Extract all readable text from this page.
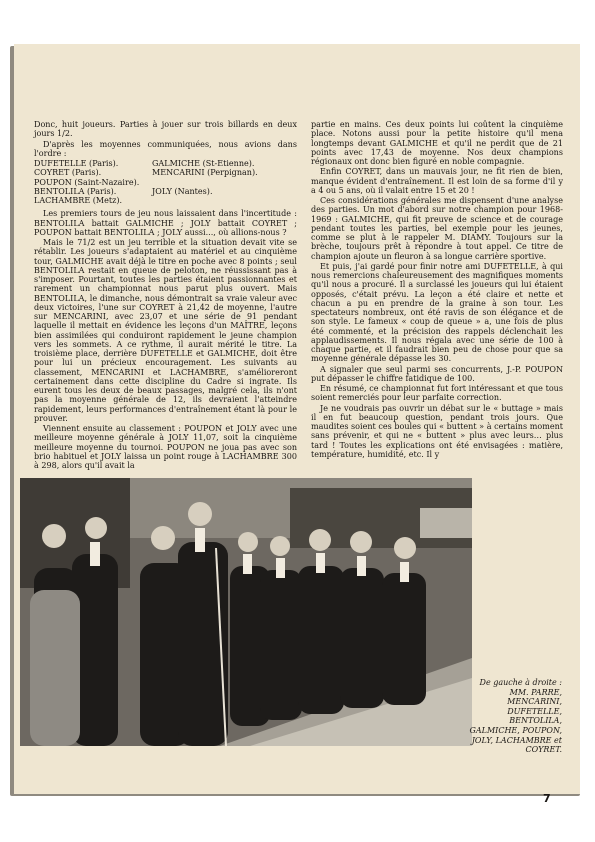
Donc, huit joueurs. Parties à jouer sur trois billards en deux jours 1/2.

D'après les moyennes communiquées, nous avions dans l'ordre :

DUFETELLE (Paris).	GALMICHE (St-Etienne).
COYRET (Paris).	MENCARINI (Perpignan).
POUPON (Saint-Nazaire).
BENTOLILA (Paris).	JOLY (Nantes).
LACHAMBRE (Metz).

Les premiers tours de jeu nous laissaient dans l'incertitude : BENTOLILA battait GALMICHE ; JOLY battait COYRET ; POUPON battait BENTOLILA ; JOLY aussi..., où allions-nous ?

Mais le 71/2 est un jeu terrible et la situation devait vite se rétablir. Les joueurs s'adaptaient au matériel et au cinquième tour, GALMICHE avait déjà le titre en poche avec 8 points ; seul BENTOLILA restait en queue de peloton, ne réussissant pas à s'imposer. Pourtant, toutes les parties étaient passionnantes et rarement un championnat nous parut plus ouvert. Mais BENTOLILA, le dimanche, nous démontrait sa vraie valeur avec deux victoires, l'une sur COYRET à 21,42 de moyenne, l'autre sur MENCARINI, avec 23,07 et une série de 91 pendant laquelle il mettait en évidence les leçons d'un MAÎTRE, leçons bien assimilées qui conduiront rapidement le jeune champion vers les sommets. A ce rythme, il aurait mérité le titre. La troisième place, derrière DUFETELLE et GALMICHE, doit être pour lui un précieux encouragement. Les suivants au classement, MENCARINI et LACHAMBRE, s'amélioreront certainement dans cette discipline du Cadre si ingrate. Ils eurent tous les deux de beaux passages, malgré cela, ils n'ont pas la moyenne générale de 12, ils devraient l'atteindre rapidement, leurs performances d'entraînement étant là pour le prouver.

Viennent ensuite au classement : POUPON et JOLY avec une meilleure moyenne générale à JOLY 11,07, soit la cinquième meilleure moyenne du tournoi. POUPON ne joua pas avec son brio habituel et JOLY laissa un point rouge à LACHAMBRE 300 à 298, alors qu'il avait la

partie en mains. Ces deux points lui coûtent la cinquième place. Notons aussi pour la petite histoire qu'il mena longtemps devant GALMICHE et qu'il ne perdit que de 21 points avec 17,43 de moyenne. Nos deux champions régionaux ont donc bien figuré en noble compagnie.

Enfin COYRET, dans un mauvais jour, ne fit rien de bien, manque évident d'entraînement. Il est loin de sa forme d'il y a 4 ou 5 ans, où il valait entre 15 et 20 !

Ces considérations générales me dispensent d'une analyse des parties. Un mot d'abord sur notre champion pour 1968-1969 : GALMICHE, qui fit preuve de science et de courage pendant toutes les parties, bel exemple pour les jeunes, comme se plut à le rappeler M. DIAMY. Toujours sur la brèche, toujours prêt à répondre à tout appel. Ce titre de champion ajoute un fleuron à sa longue carrière sportive.

Et puis, j'ai gardé pour finir notre ami DUFETELLE, à qui nous remercions chaleureusement des magnifiques moments qu'il nous a procuré. Il a surclassé les joueurs qui lui étaient opposés, c'était prévu. La leçon a été claire et nette et chacun a pu en prendre de la graine à son tour. Les spectateurs nombreux, ont été ravis de son élégance et de son style. Le fameux « coup de queue » a, une fois de plus été commenté, et la précision des rappels déclenchait les applaudissements. Il nous régala avec une série de 100 à chaque partie, et il faudrait bien peu de chose pour que sa moyenne générale dépasse les 30.

A signaler que seul parmi ses concurrents, J.-P. POUPON put dépasser le chiffre fatidique de 100.

En résumé, ce championnat fut fort intéressant et que tous soient remerciés pour leur parfaite correction.

Je ne voudrais pas ouvrir un débat sur le « buttage » mais il en fut beaucoup question, pendant trois jours. Que maudites soient ces boules qui « buttent » à certains moment sans prévenir, et qui ne « buttent » plus avec leurs… plus tard ! Toutes les explications ont été envisagées : matière, température, humidité, etc. Il y

De gauche à droite : MM. PARRE, MENCARINI, DUFETELLE, BENTOLILA, GALMICHE, POUPON, JOLY, LACHAMBRE et COYRET.
7
